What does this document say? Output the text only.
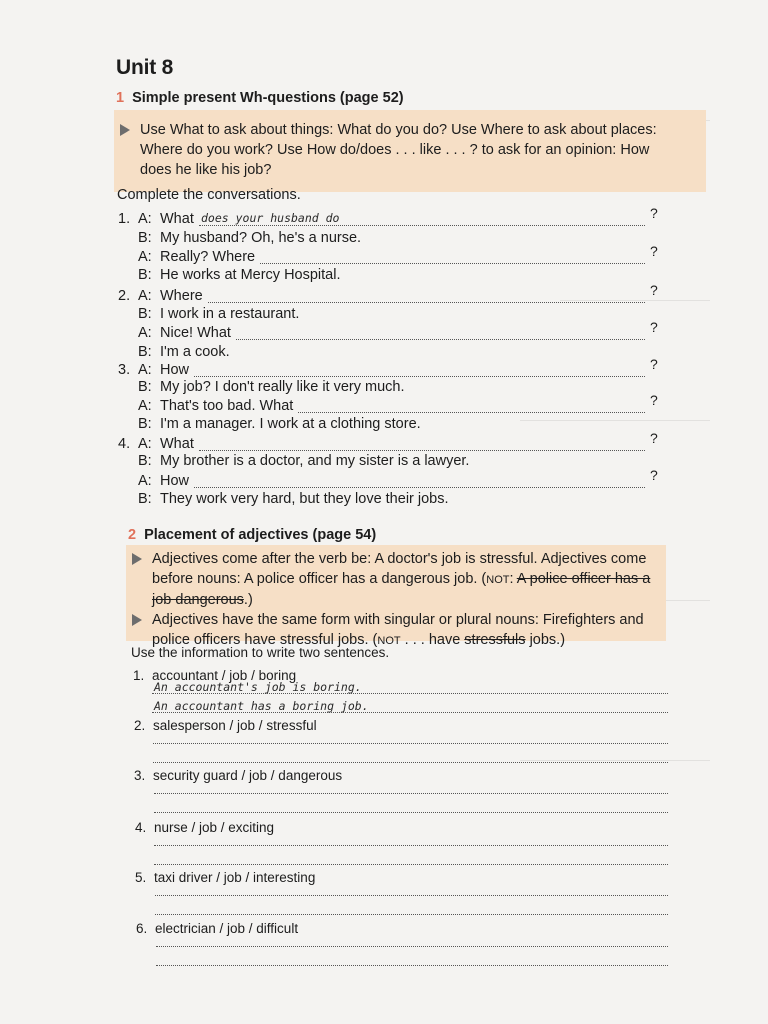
Unit 8
1 Simple present Wh-questions (page 52)
Use What to ask about things: What do you do? Use Where to ask about places:
Where do you work? Use How do/does . . . like . . . ? to ask for an opinion: How
does he like his job?
Complete the conversations.
1. A: What	?
does your husband do
B: My husband? Oh, he's a nurse.
A: Really? Where	?
B: He works at Mercy Hospital.
2. A: Where	?
B: I work in a restaurant.
A: Nice! What	?
B: I'm a cook.
3. A: How	?
B: My job? I don't really like it very much.
A: That's too bad. What	?
B: I'm a manager. I work at a clothing store.
4. A: What	?
B: My brother is a doctor, and my sister is a lawyer.
A: How	?
B: They work very hard, but they love their jobs.
2 Placement of adjectives (page 54)
Adjectives come after the verb be: A doctor's job is stressful. Adjectives come
before nouns: A police officer has a dangerous job. (NOT: A police officer has a
job dangerous.)
Adjectives have the same form with singular or plural nouns: Firefighters and
police officers have stressful jobs. (NOT . . . have stressfuls jobs.)
Use the information to write two sentences.
1. accountant / job / boring
An accountant's job is boring.
An accountant has a boring job.
2. salesperson / job / stressful
3. security guard / job / dangerous
4. nurse / job / exciting
5. taxi driver / job / interesting
6. electrician / job / difficult
